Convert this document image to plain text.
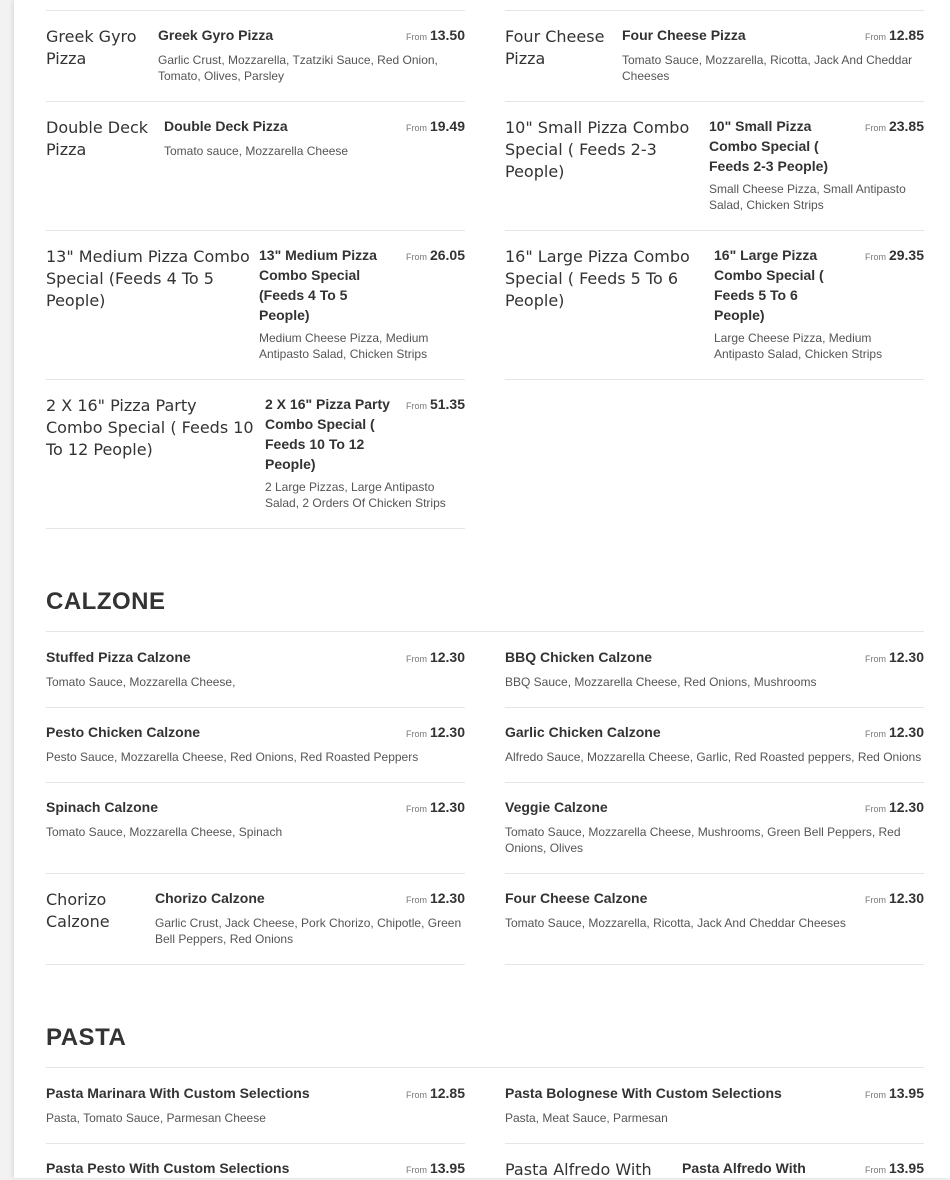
Greek Gyro Pizza
Greek Gyro Pizza	From 13.50
Garlic Crust, Mozzarella, Tzatziki Sauce, Red Onion, Tomato, Olives, Parsley
Four Cheese Pizza
Four Cheese Pizza	From 12.85
Tomato Sauce, Mozzarella, Ricotta, Jack And Cheddar Cheeses
Double Deck Pizza
Double Deck Pizza	From 19.49
Tomato sauce, Mozzarella Cheese
10" Small Pizza Combo Special ( Feeds 2-3 People)
10" Small Pizza Combo Special ( Feeds 2-3 People)
From 23.85
Small Cheese Pizza, Small Antipasto Salad, Chicken Strips
13" Medium Pizza Combo Special (Feeds 4 To 5 People)
13" Medium Pizza Combo Special (Feeds 4 To 5 People)
From 26.05
Medium Cheese Pizza, Medium Antipasto Salad, Chicken Strips
16" Large Pizza Combo Special ( Feeds 5 To 6 People)
16" Large Pizza Combo Special ( Feeds 5 To 6 People)
From 29.35
Large Cheese Pizza, Medium Antipasto Salad, Chicken Strips
2 X 16" Pizza Party Combo Special ( Feeds 10 To 12 People)
2 X 16" Pizza Party Combo Special ( Feeds 10 To 12 People)
From 51.35
2 Large Pizzas, Large Antipasto Salad, 2 Orders Of Chicken Strips
CALZONE
Stuffed Pizza Calzone	From 12.30
Tomato Sauce, Mozzarella Cheese,
BBQ Chicken Calzone	From 12.30
BBQ Sauce, Mozzarella Cheese, Red Onions, Mushrooms
Pesto Chicken Calzone	From 12.30
Pesto Sauce, Mozzarella Cheese, Red Onions, Red Roasted Peppers
Garlic Chicken Calzone	From 12.30
Alfredo Sauce, Mozzarella Cheese, Garlic, Red Roasted peppers, Red Onions
Spinach Calzone	From 12.30
Tomato Sauce, Mozzarella Cheese, Spinach
Veggie Calzone	From 12.30
Tomato Sauce, Mozzarella Cheese, Mushrooms, Green Bell Peppers, Red Onions, Olives
Chorizo Calzone
Chorizo Calzone	From 12.30
Garlic Crust, Jack Cheese, Pork Chorizo, Chipotle, Green Bell Peppers, Red Onions
Four Cheese Calzone	From 12.30
Tomato Sauce, Mozzarella, Ricotta, Jack And Cheddar Cheeses
PASTA
Pasta Marinara With Custom Selections	From 12.85
Pasta, Tomato Sauce, Parmesan Cheese
Pasta Bolognese With Custom Selections	From 13.95
Pasta, Meat Sauce, Parmesan
Pasta Pesto With Custom Selections	From 13.95	Pasta Alfredo With	Pasta Alfredo With	From 13.95
